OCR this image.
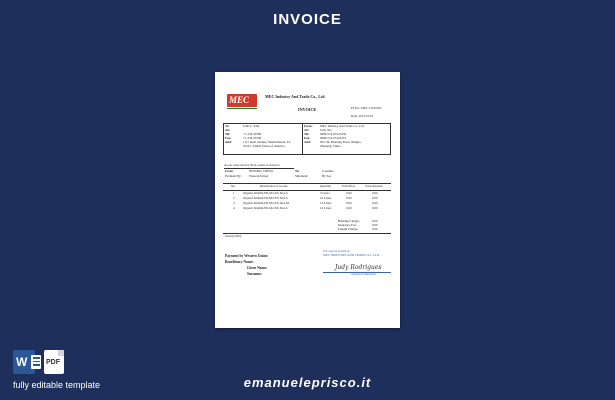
INVOICE
MEC	MEC Industry And Trade Co., Ltd.
INVOICE	PI No.: MEC-1501001C
Date: 2015/01/01
To:	John C. Kim
Att:
Tel:	+1-234-56789
Fax:	+1-234-56790
Add:	1117 Kent Avenue, Miami Beach, FL
33141, United States of America
From: MEC Industry And Trade Co., Ltd.
Att:	Judy Xia
Tel:	0086-574-65123456
Fax:	0086-574-65123457
Add:	NO. 99, Huaxing Road, Ningbo,
Zhejiang, China
As per sales deal by Jhon comes as follows:
From:	NINGBO, CHINA	To:	Colombo
Payment By: Western Union	Shipment:	By Sea
No.	Description of Goods	Quantity	Unit Price	Total Amount
1	Organic Kishim FR-M4 XX Size S	3 Liters	0.00	0.00
2	Organic Kishim FR-M4 XX Size S	10 Liters	0.00	0.00
3	Organic Kishim FR-M4 XX Size M	15 Liters	0.00	0.00
4	Organic Kishim FR-M4 XX Size L	10 Liters	0.00	0.00
Banking Charge:	0.00
Insurance Fee:	0.00
Freight Charge:	0.00
Total (USD):
Payment by Western Union:
Beneficiary Name:
Given Name:
Surname:
For and on behalf of
MEC INDUSTRY AND TRADE CO., LTD.
Judy Rodrigues
Authorized Signature(s)
W	PDF
fully editable template	emanueleprisco.it
